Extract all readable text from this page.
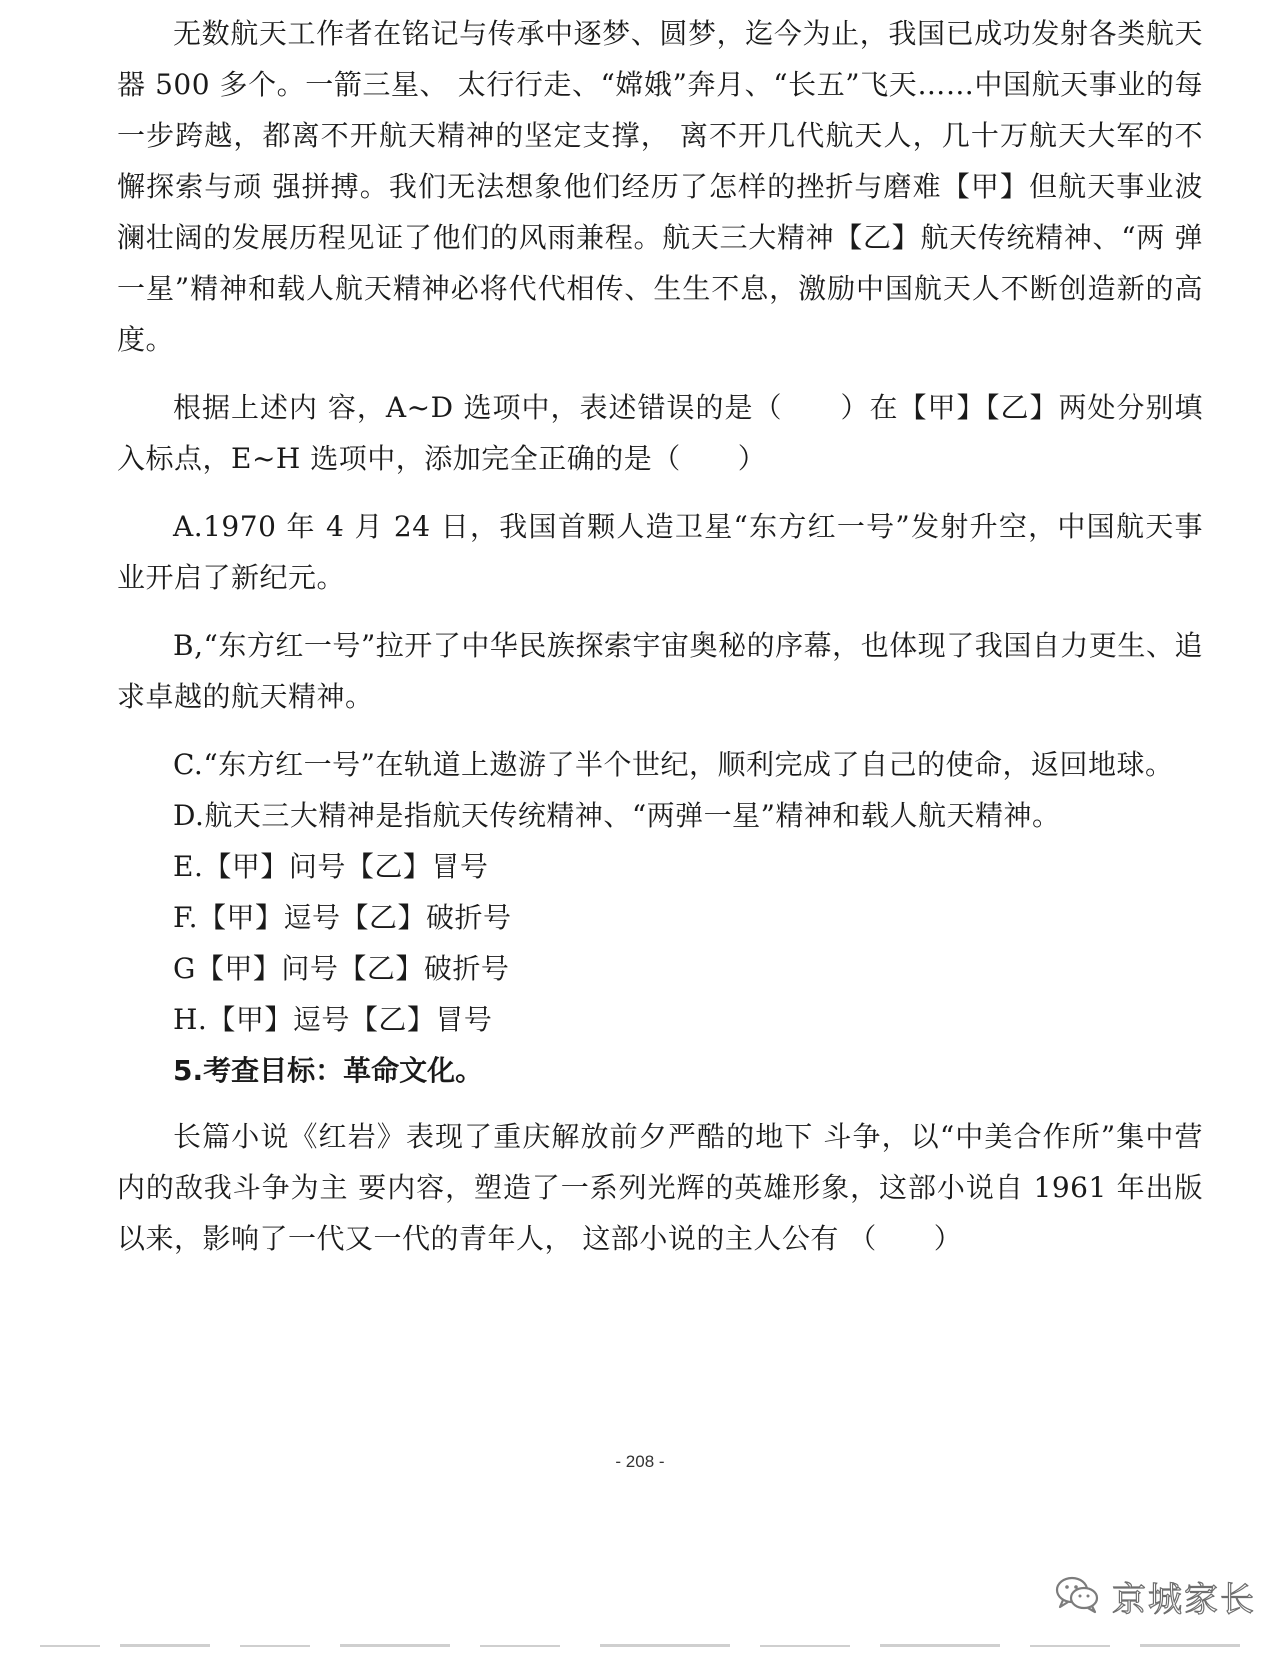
无数航天工作者在铭记与传承中逐梦、圆梦，迄今为止，我国已成功发射各类航天器 500 多个。一箭三星、 太行行走、“嫦娥”奔月、“长五”飞天……中国航天事业的每一步跨越，都离不开航天精神的坚定支撑， 离不开几代航天人，几十万航天大军的不懈探索与顽 强拼搏。我们无法想象他们经历了怎样的挫折与磨难【甲】但航天事业波澜壮阔的发展历程见证了他们的风雨兼程。航天三大精神【乙】航天传统精神、“两 弹一星”精神和载人航天精神必将代代相传、生生不息，激励中国航天人不断创造新的高度。

根据上述内 容，A~D 选项中，表述错误的是（　　）在【甲】【乙】两处分别填入标点，E~H 选项中，添加完全正确的是（　　）

A.1970 年 4 月 24 日，我国首颗人造卫星“东方红一号”发射升空，中国航天事业开启了新纪元。

B,“东方红一号”拉开了中华民族探索宇宙奥秘的序幕，也体现了我国自力更生、追求卓越的航天精神。

C.“东方红一号”在轨道上遨游了半个世纪，顺利完成了自己的使命，返回地球。

D.航天三大精神是指航天传统精神、“两弹一星”精神和载人航天精神。

E.【甲】问号【乙】冒号

F.【甲】逗号【乙】破折号

G【甲】问号【乙】破折号

H.【甲】逗号【乙】冒号

5.考查目标：革命文化。

长篇小说《红岩》表现了重庆解放前夕严酷的地下 斗争，以“中美合作所”集中营内的敌我斗争为主 要内容，塑造了一系列光辉的英雄形象，这部小说自 1961 年出版以来，影响了一代又一代的青年人， 这部小说的主人公有 （　　）

- 208 -
京城家长
